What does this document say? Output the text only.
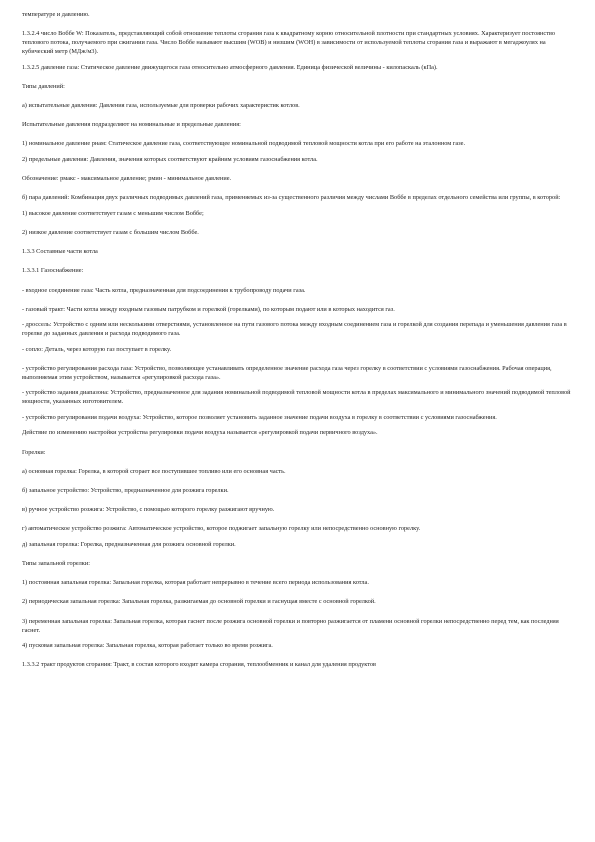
температуре и давлению.

1.3.2.4 число Воббе W: Показатель, представляющий собой отношение теплоты сгорания газа к квадратному корню относительной плотности при стандартных условиях. Характеризует постоянство теплового потока, получаемого при сжигании газа. Число Воббе называют высшим (WOB) и низшим (WOH) в зависимости от используемой теплоты сгорания газа и выражают в мегаджоулях на кубический метр (МДж/м3).

1.3.2.5 давление газа: Статическое давление движущегося газа относительно атмосферного давления. Единица физической величины - килопаскаль (кПа).

Типы давлений:

а) испытательные давления: Давления газа, используемые для проверки рабочих характеристик котлов.

Испытательные давления подразделяют на номинальные и предельные давления:

1) номинальное давление pнам: Статическое давление газа, соответствующее номинальной подводимой тепловой мощности котла при его работе на эталонном газе.

2) предельные давления: Давления, значения которых соответствуют крайним условиям газоснабжения котла.

Обозначение: pмакс - максимальное давление; pмин - минимальное давление.

б) пара давлений: Комбинация двух различных подводимых давлений газа, применяемых из-за существенного различия между числами Воббе в пределах отдельного семейства или группы, в которой:

1) высокое давление соответствует газам с меньшим числом Воббе;

2) низкое давление соответствует газам с большим числом Воббе.

1.3.3 Составные части котла

1.3.3.1 Газоснабжение:

- входное соединение газа: Часть котла, предназначенная для подсоединения к трубопроводу подачи газа.

- газовый тракт: Части котла между входным газовым патрубком и горелкой (горелками), по которым подают или в которых находится газ.

- дроссель: Устройство с одним или несколькими отверстиями, установленное на пути газового потока между входным соединением газа и горелкой для создания перепада и уменьшения давления газа в горелке до заданных давления и расхода подводимого газа.

- сопло: Деталь, через которую газ поступает в горелку.

- устройство регулирования расхода газа: Устройство, позволяющее устанавливать определенное значение расхода газа через горелку в соответствии с условиями газоснабжения. Рабочая операция, выполняемая этим устройством, называется «регулировкой расхода газа».

- устройство задания диапазона: Устройство, предназначенное для задания номинальной подводимой тепловой мощности котла в пределах максимального и минимального значений подводимой тепловой мощности, указанных изготовителем.

- устройство регулирования подачи воздуха: Устройство, которое позволяет установить заданное значение подачи воздуха в горелку в соответствии с условиями газоснабжения.

Действие по изменению настройки устройства регулировки подачи воздуха называется «регулировкой подачи первичного воздуха».

Горелки:

а) основная горелка: Горелка, в которой сгорает все поступившее топливо или его основная часть.

б) запальное устройство: Устройство, предназначенное для розжига горелки.

в) ручное устройство розжига: Устройство, с помощью которого горелку разжигают вручную.

г) автоматическое устройство розжига: Автоматическое устройство, которое поджигает запальную горелку или непосредственно основную горелку.

д) запальная горелка: Горелка, предназначенная для розжига основной горелки.

Типы запальной горелки:

1) постоянная запальная горелка: Запальная горелка, которая работает непрерывно в течение всего периода использования котла.

2) периодическая запальная горелка: Запальная горелка, разжигаемая до основной горелки и гаснущая вместе с основной горелкой.

3) переменная запальная горелка: Запальная горелка, которая гаснет после розжига основной горелки и повторно разжигается от пламени основной горелки непосредственно перед тем, как последняя гаснет.

4) пусковая запальная горелка: Запальная горелка, которая работает только во время розжига.

1.3.3.2 тракт продуктов сгорания: Тракт, в состав которого входит камера сгорания, теплообменник и канал для удаления продуктов
